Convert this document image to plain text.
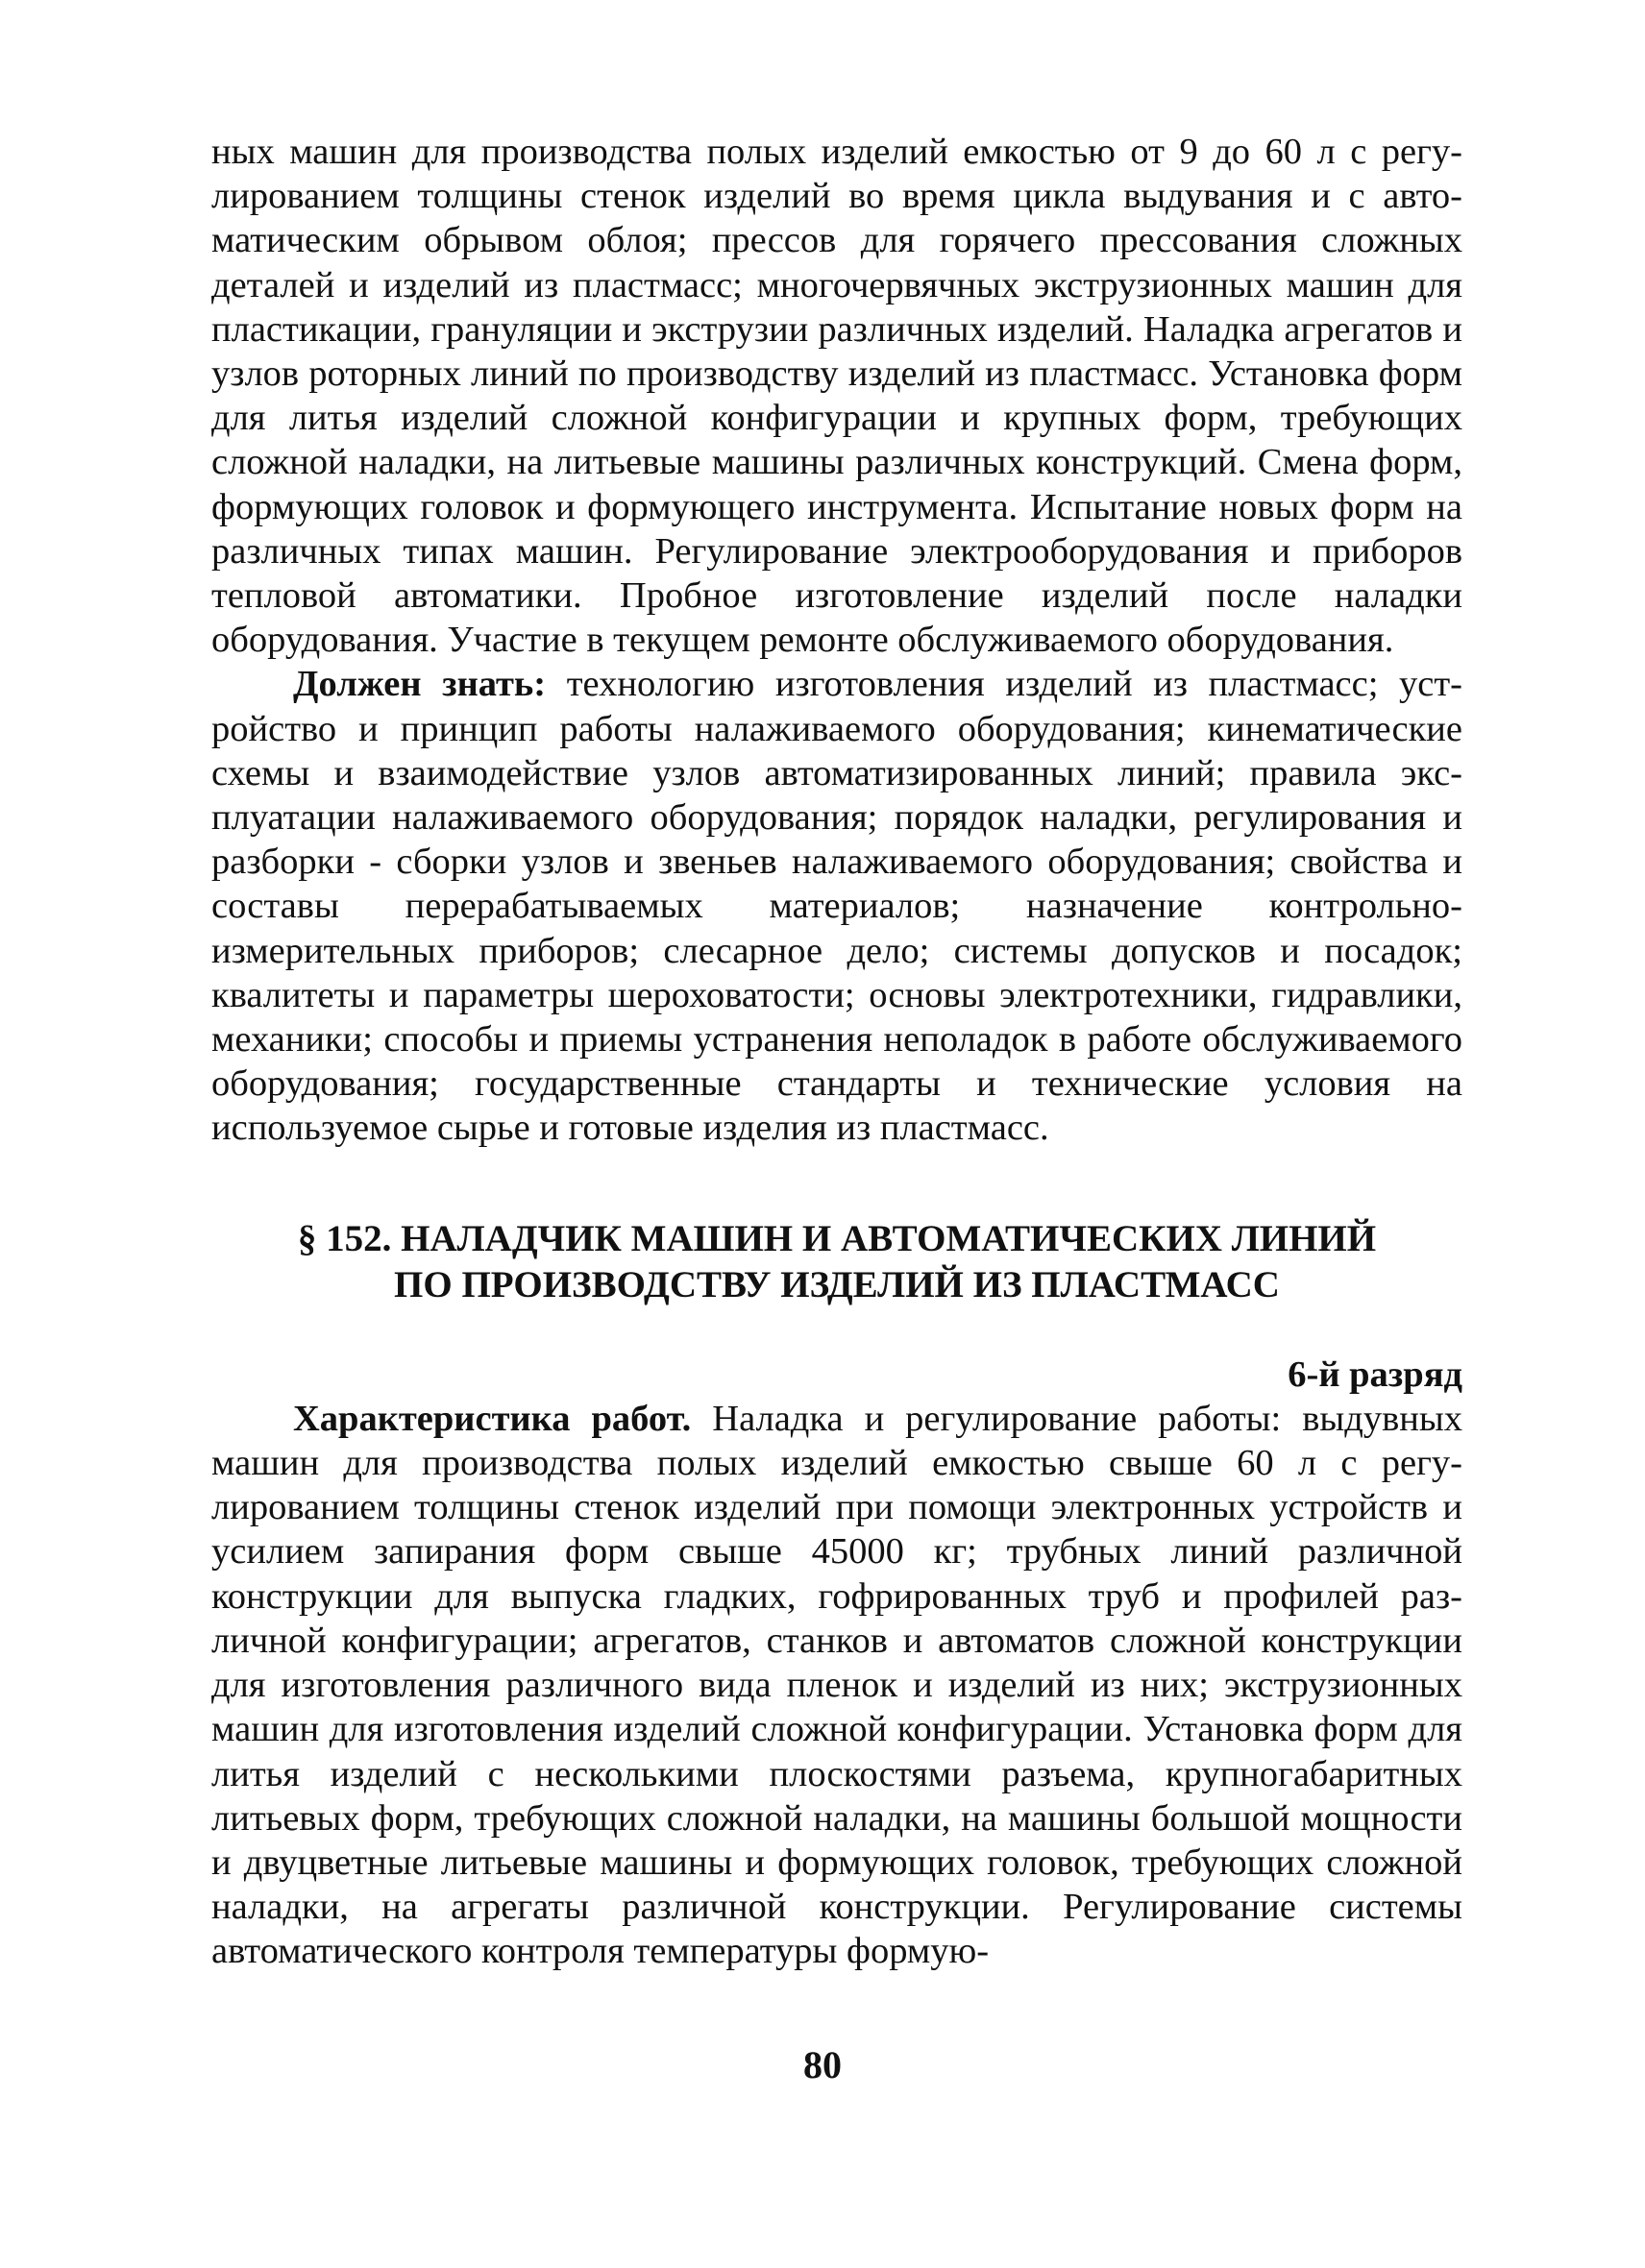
ных машин для производства полых изделий емкостью от 9 до 60 л с регулированием толщины стенок изделий во время цикла выдувания и с автоматическим обрывом облоя; прессов для горячего прессования сложных деталей и изделий из пластмасс; многочервячных экструзионных машин для пластикации, грануляции и экструзии различных изделий. Наладка агрегатов и узлов роторных линий по производству изделий из пластмасс. Установка форм для литья изделий сложной конфигурации и крупных форм, требующих сложной наладки, на литьевые машины различных конструкций. Смена форм, формующих головок и формующего инструмента. Испытание новых форм на различных типах машин. Регулирование электрооборудования и приборов тепловой автоматики. Пробное изготовление изделий после наладки оборудования. Участие в текущем ремонте обслуживаемого оборудования.

Должен знать: технологию изготовления изделий из пластмасс; устройство и принцип работы налаживаемого оборудования; кинематические схемы и взаимодействие узлов автоматизированных линий; правила эксплуатации налаживаемого оборудования; порядок наладки, регулирования и разборки - сборки узлов и звеньев налаживаемого оборудования; свойства и составы перерабатываемых материалов; назначение контрольно-измерительных приборов; слесарное дело; системы допусков и посадок; квалитеты и параметры шероховатости; основы электротехники, гидравлики, механики; способы и приемы устранения неполадок в работе обслуживаемого оборудования; государственные стандарты и технические условия на используемое сырье и готовые изделия из пластмасс.

§ 152. НАЛАДЧИК МАШИН И АВТОМАТИЧЕСКИХ ЛИНИЙ
ПО ПРОИЗВОДСТВУ ИЗДЕЛИЙ ИЗ ПЛАСТМАСС
6-й разряд

Характеристика работ. Наладка и регулирование работы: выдувных машин для производства полых изделий емкостью свыше 60 л с регулированием толщины стенок изделий при помощи электронных устройств и усилием запирания форм свыше 45000 кг; трубных линий различной конструкции для выпуска гладких, гофрированных труб и профилей различной конфигурации; агрегатов, станков и автоматов сложной конструкции для изготовления различного вида пленок и изделий из них; экструзионных машин для изготовления изделий сложной конфигурации. Установка форм для литья изделий с несколькими плоскостями разъема, крупногабаритных литьевых форм, требующих сложной наладки, на машины большой мощности и двуцветные литьевые машины и формующих головок, требующих сложной наладки, на агрегаты различной конструкции. Регулирование системы автоматического контроля температуры формую-

80
